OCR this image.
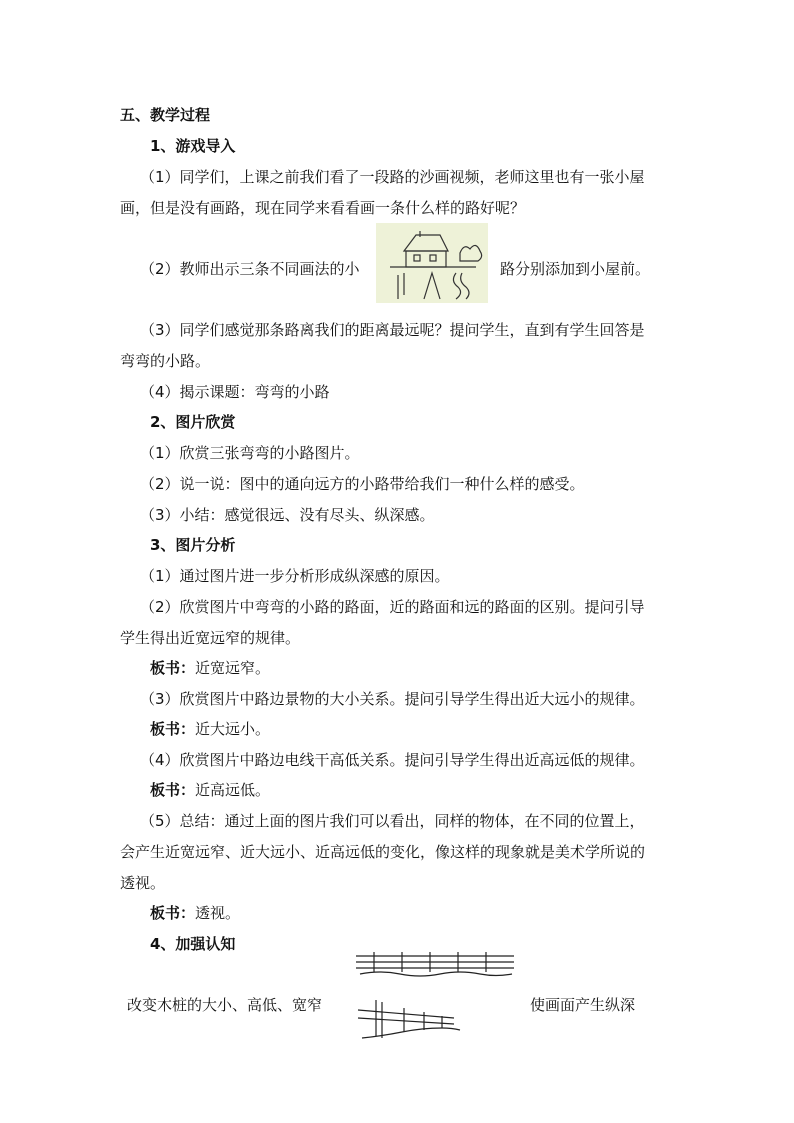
五、教学过程
1、游戏导入
（1）同学们，上课之前我们看了一段路的沙画视频，老师这里也有一张小屋
画，但是没有画路，现在同学来看看画一条什么样的路好呢？
（2）教师出示三条不同画法的小	路分别添加到小屋前。
（3）同学们感觉那条路离我们的距离最远呢？提问学生，直到有学生回答是
弯弯的小路。
（4）揭示课题：弯弯的小路
2、图片欣赏
（1）欣赏三张弯弯的小路图片。
（2）说一说：图中的通向远方的小路带给我们一种什么样的感受。
（3）小结：感觉很远、没有尽头、纵深感。
3、图片分析
（1）通过图片进一步分析形成纵深感的原因。
（2）欣赏图片中弯弯的小路的路面，近的路面和远的路面的区别。提问引导
学生得出近宽远窄的规律。
板书：近宽远窄。
（3）欣赏图片中路边景物的大小关系。提问引导学生得出近大远小的规律。
板书：近大远小。
（4）欣赏图片中路边电线干高低关系。提问引导学生得出近高远低的规律。
板书：近高远低。
（5）总结：通过上面的图片我们可以看出，同样的物体，在不同的位置上，
会产生近宽远窄、近大远小、近高远低的变化，像这样的现象就是美术学所说的
透视。
板书：透视。
4、加强认知
改变木桩的大小、高低、宽窄	使画面产生纵深
